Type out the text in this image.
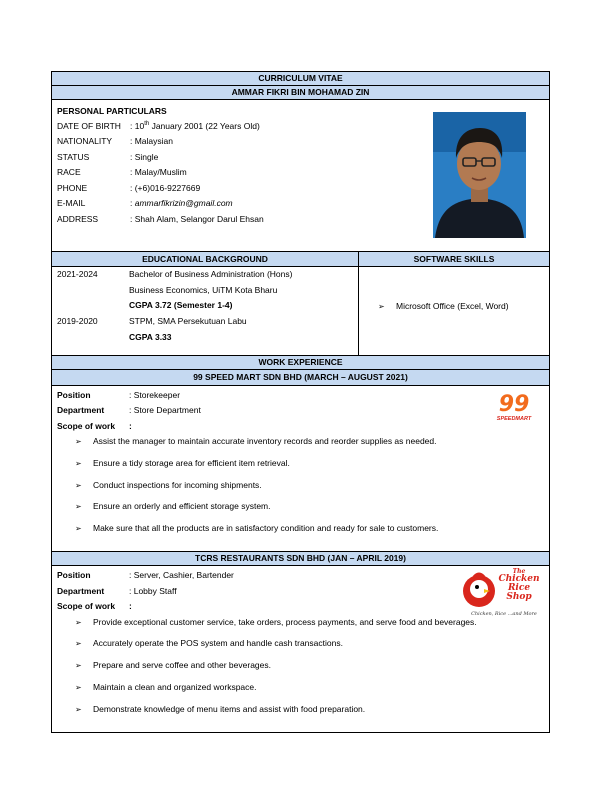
CURRICULUM VITAE
AMMAR FIKRI BIN MOHAMAD ZIN
PERSONAL PARTICULARS
DATE OF BIRTH : 10th January 2001 (22 Years Old)
NATIONALITY : Malaysian
STATUS	: Single
RACE	: Malay/Muslim
PHONE	: (+6)016-9227669
E-MAIL	: ammarfikrizin@gmail.com
ADDRESS	: Shah Alam, Selangor Darul Ehsan
EDUCATIONAL BACKGROUND	SOFTWARE SKILLS
2021-2024	Bachelor of Business Administration (Hons)
Business Economics, UiTM Kota Bharu
CGPA 3.72 (Semester 1-4)
2019-2020	STPM, SMA Persekutuan Labu
CGPA 3.33
➢ Microsoft Office (Excel, Word)
WORK EXPERIENCE
99 SPEED MART SDN BHD (MARCH – AUGUST 2021)
Position	: Storekeeper
Department	: Store Department
Scope of work :
99
SPEEDMART
➢ Assist the manager to maintain accurate inventory records and reorder supplies as needed.
➢ Ensure a tidy storage area for efficient item retrieval.
➢ Conduct inspections for incoming shipments.
➢ Ensure an orderly and efficient storage system.
➢ Make sure that all the products are in satisfactory condition and ready for sale to customers.
TCRS RESTAURANTS SDN BHD (JAN – APRIL 2019)
Position	: Server, Cashier, Bartender
Department	: Lobby Staff
Scope of work :
The
Chicken
Rice
Shop
Chicken, Rice ...and More
➢ Provide exceptional customer service, take orders, process payments, and serve food and beverages.
➢ Accurately operate the POS system and handle cash transactions.
➢ Prepare and serve coffee and other beverages.
➢ Maintain a clean and organized workspace.
➢ Demonstrate knowledge of menu items and assist with food preparation.
